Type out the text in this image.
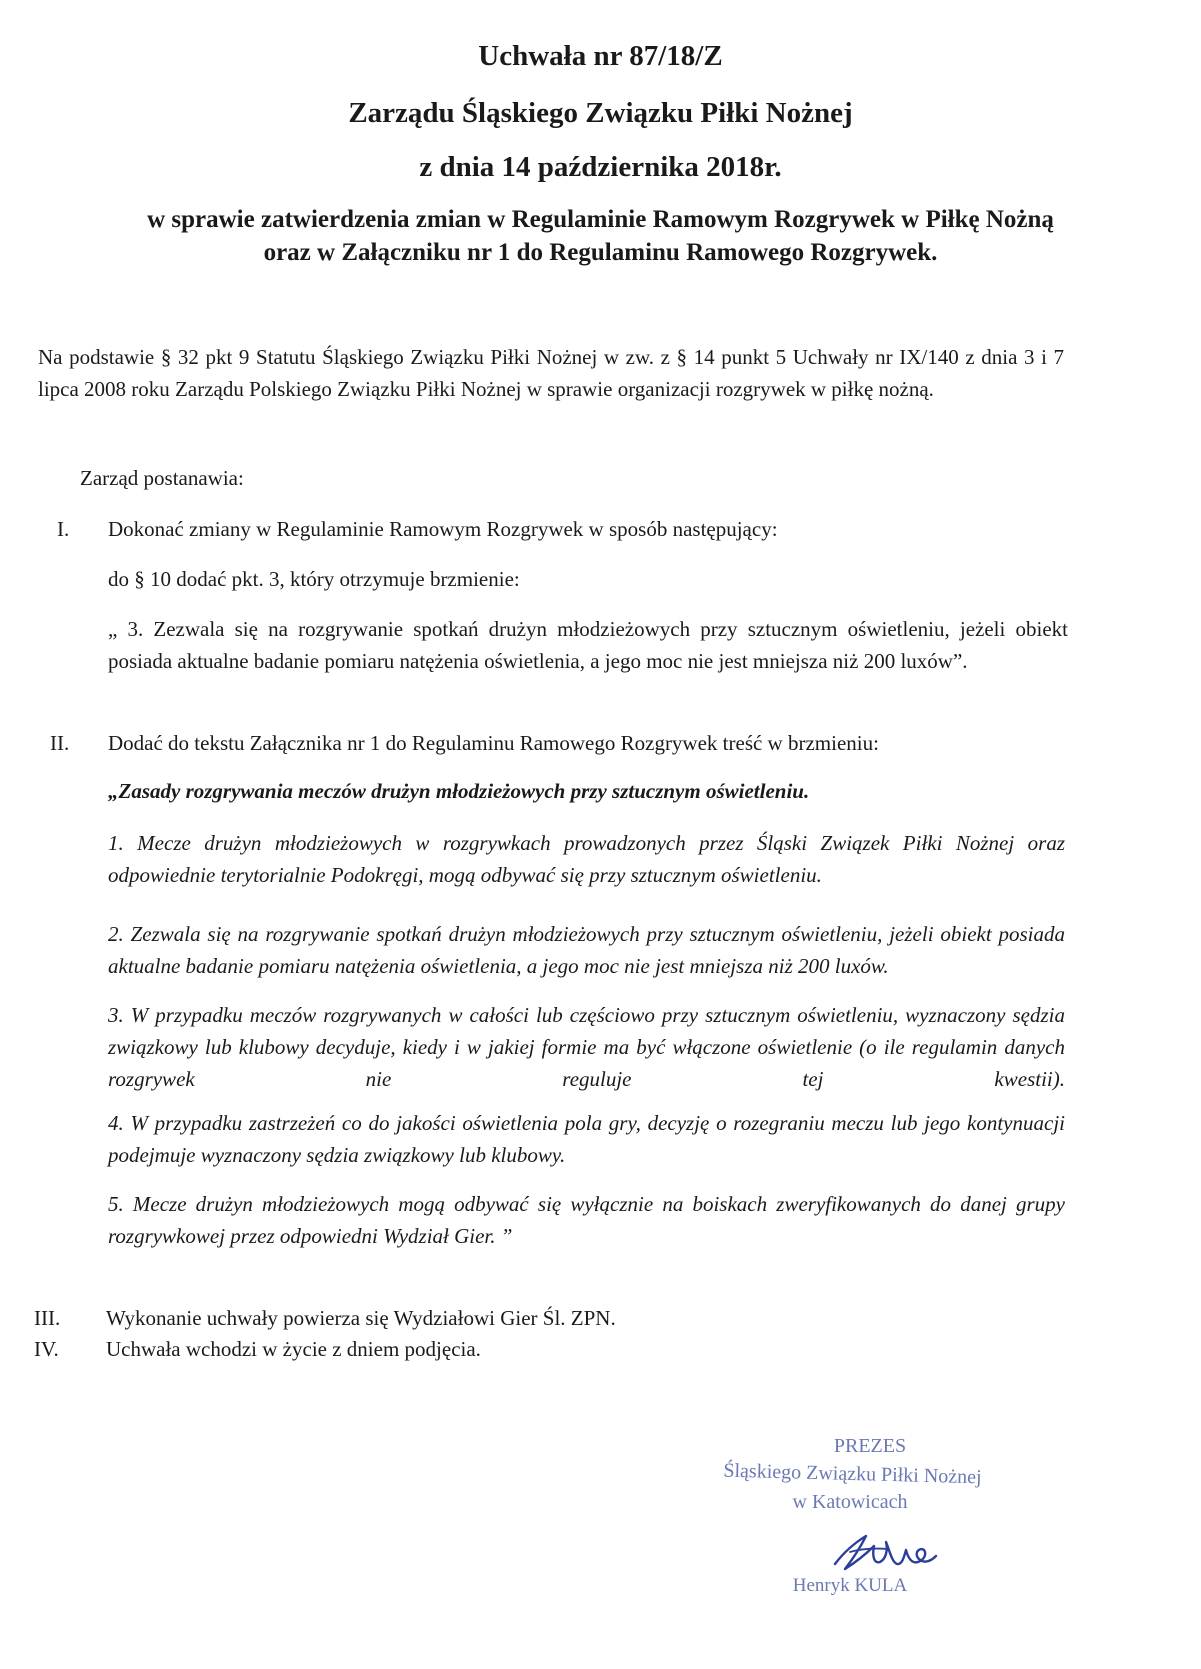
Uchwała nr 87/18/Z
Zarządu Śląskiego Związku Piłki Nożnej
z dnia 14 października 2018r.
w sprawie zatwierdzenia zmian w Regulaminie Ramowym Rozgrywek w Piłkę Nożną
oraz w Załączniku nr 1 do Regulaminu Ramowego Rozgrywek.
Na podstawie § 32 pkt 9 Statutu Śląskiego Związku Piłki Nożnej w zw. z § 14 punkt 5 Uchwały nr IX/140 z dnia 3 i 7 lipca 2008 roku Zarządu Polskiego Związku Piłki Nożnej w sprawie organizacji rozgrywek w piłkę nożną.
Zarząd postanawia:
I. Dokonać zmiany w Regulaminie Ramowym Rozgrywek w sposób następujący:
do § 10 dodać pkt. 3, który otrzymuje brzmienie:
„ 3. Zezwala się na rozgrywanie spotkań drużyn młodzieżowych przy sztucznym oświetleniu, jeżeli obiekt posiada aktualne badanie pomiaru natężenia oświetlenia, a jego moc nie jest mniejsza niż 200 luxów”.
II. Dodać do tekstu Załącznika nr 1 do Regulaminu Ramowego Rozgrywek treść w brzmieniu:
„Zasady rozgrywania meczów drużyn młodzieżowych przy sztucznym oświetleniu.
1. Mecze drużyn młodzieżowych w rozgrywkach prowadzonych przez Śląski Związek Piłki Nożnej oraz odpowiednie terytorialnie Podokręgi, mogą odbywać się przy sztucznym oświetleniu.
2. Zezwala się na rozgrywanie spotkań drużyn młodzieżowych przy sztucznym oświetleniu, jeżeli obiekt posiada aktualne badanie pomiaru natężenia oświetlenia, a jego moc nie jest mniejsza niż 200 luxów.
3. W przypadku meczów rozgrywanych w całości lub częściowo przy sztucznym oświetleniu, wyznaczony sędzia związkowy lub klubowy decyduje, kiedy i w jakiej formie ma być włączone oświetlenie (o ile regulamin danych rozgrywek nie reguluje tej kwestii).
4. W przypadku zastrzeżeń co do jakości oświetlenia pola gry, decyzję o rozegraniu meczu lub jego kontynuacji podejmuje wyznaczony sędzia związkowy lub klubowy.
5. Mecze drużyn młodzieżowych mogą odbywać się wyłącznie na boiskach zweryfikowanych do danej grupy rozgrywkowej przez odpowiedni Wydział Gier. ”
III. Wykonanie uchwały powierza się Wydziałowi Gier Śl. ZPN.
IV. Uchwała wchodzi w życie z dniem podjęcia.
PREZES
Śląskiego Związku Piłki Nożnej
w Katowicach
Henryk KULA
